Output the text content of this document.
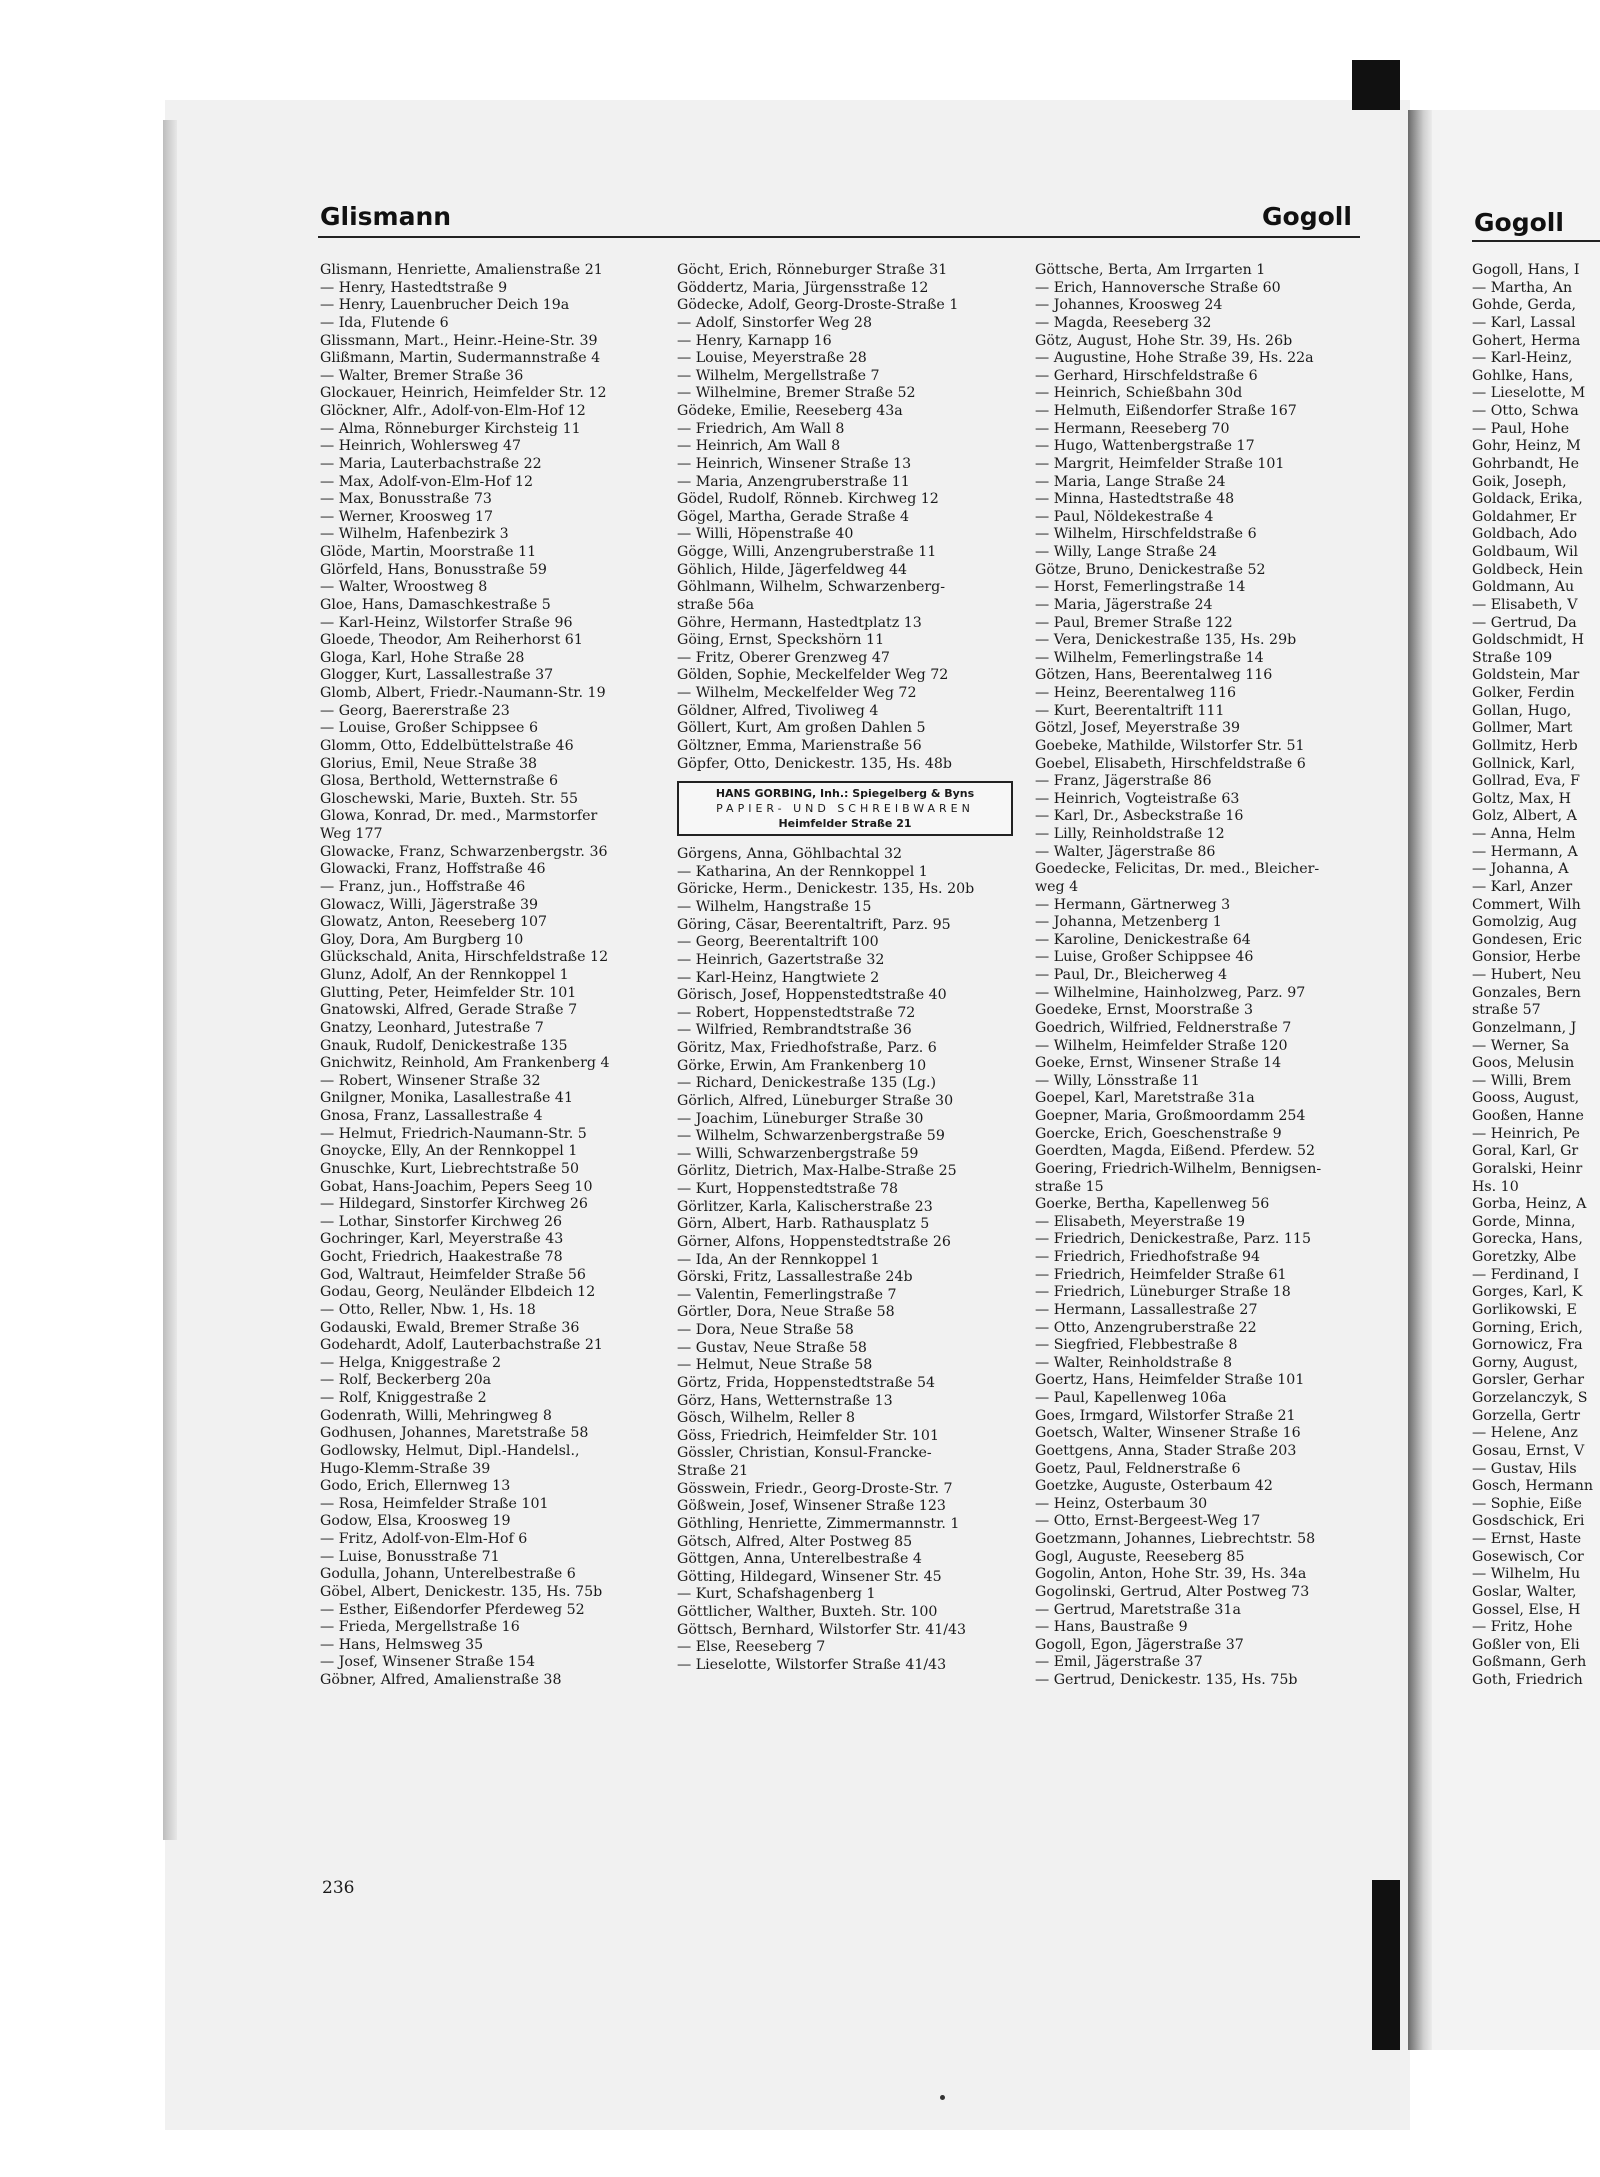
Glismann	Gogoll	Gogoll
Glismann, Henriette, Amalienstraße 21
— Henry, Hastedtstraße 9
— Henry, Lauenbrucher Deich 19a
— Ida, Flutende 6
Glissmann, Mart., Heinr.-Heine-Str. 39
Glißmann, Martin, Sudermannstraße 4
— Walter, Bremer Straße 36
Glockauer, Heinrich, Heimfelder Str. 12
Glöckner, Alfr., Adolf-von-Elm-Hof 12
— Alma, Rönneburger Kirchsteig 11
— Heinrich, Wohlersweg 47
— Maria, Lauterbachstraße 22
— Max, Adolf-von-Elm-Hof 12
— Max, Bonusstraße 73
— Werner, Kroosweg 17
— Wilhelm, Hafenbezirk 3
Glöde, Martin, Moorstraße 11
Glörfeld, Hans, Bonusstraße 59
— Walter, Wroostweg 8
Gloe, Hans, Damaschkestraße 5
— Karl-Heinz, Wilstorfer Straße 96
Gloede, Theodor, Am Reiherhorst 61
Gloga, Karl, Hohe Straße 28
Glogger, Kurt, Lassallestraße 37
Glomb, Albert, Friedr.-Naumann-Str. 19
— Georg, Baererstraße 23
— Louise, Großer Schippsee 6
Glomm, Otto, Eddelbüttelstraße 46
Glorius, Emil, Neue Straße 38
Glosa, Berthold, Wetternstraße 6
Gloschewski, Marie, Buxteh. Str. 55
Glowa, Konrad, Dr. med., Marmstorfer
Weg 177
Glowacke, Franz, Schwarzenbergstr. 36
Glowacki, Franz, Hoffstraße 46
— Franz, jun., Hoffstraße 46
Glowacz, Willi, Jägerstraße 39
Glowatz, Anton, Reeseberg 107
Gloy, Dora, Am Burgberg 10
Glückschald, Anita, Hirschfeldstraße 12
Glunz, Adolf, An der Rennkoppel 1
Glutting, Peter, Heimfelder Str. 101
Gnatowski, Alfred, Gerade Straße 7
Gnatzy, Leonhard, Jutestraße 7
Gnauk, Rudolf, Denickestraße 135
Gnichwitz, Reinhold, Am Frankenberg 4
— Robert, Winsener Straße 32
Gnilgner, Monika, Lasallestraße 41
Gnosa, Franz, Lassallestraße 4
— Helmut, Friedrich-Naumann-Str. 5
Gnoycke, Elly, An der Rennkoppel 1
Gnuschke, Kurt, Liebrechtstraße 50
Gobat, Hans-Joachim, Pepers Seeg 10
— Hildegard, Sinstorfer Kirchweg 26
— Lothar, Sinstorfer Kirchweg 26
Gochringer, Karl, Meyerstraße 43
Gocht, Friedrich, Haakestraße 78
God, Waltraut, Heimfelder Straße 56
Godau, Georg, Neuländer Elbdeich 12
— Otto, Reller, Nbw. 1, Hs. 18
Godauski, Ewald, Bremer Straße 36
Godehardt, Adolf, Lauterbachstraße 21
— Helga, Kniggestraße 2
— Rolf, Beckerberg 20a
— Rolf, Kniggestraße 2
Godenrath, Willi, Mehringweg 8
Godhusen, Johannes, Maretstraße 58
Godlowsky, Helmut, Dipl.-Handelsl.,
Hugo-Klemm-Straße 39
Godo, Erich, Ellernweg 13
— Rosa, Heimfelder Straße 101
Godow, Elsa, Kroosweg 19
— Fritz, Adolf-von-Elm-Hof 6
— Luise, Bonusstraße 71
Godulla, Johann, Unterelbestraße 6
Göbel, Albert, Denickestr. 135, Hs. 75b
— Esther, Eißendorfer Pferdeweg 52
— Frieda, Mergellstraße 16
— Hans, Helmsweg 35
— Josef, Winsener Straße 154
Göbner, Alfred, Amalienstraße 38
Göcht, Erich, Rönneburger Straße 31
Göddertz, Maria, Jürgensstraße 12
Gödecke, Adolf, Georg-Droste-Straße 1
— Adolf, Sinstorfer Weg 28
— Henry, Karnapp 16
— Louise, Meyerstraße 28
— Wilhelm, Mergellstraße 7
— Wilhelmine, Bremer Straße 52
Gödeke, Emilie, Reeseberg 43a
— Friedrich, Am Wall 8
— Heinrich, Am Wall 8
— Heinrich, Winsener Straße 13
— Maria, Anzengruberstraße 11
Gödel, Rudolf, Rönneb. Kirchweg 12
Gögel, Martha, Gerade Straße 4
— Willi, Höpenstraße 40
Gögge, Willi, Anzengruberstraße 11
Göhlich, Hilde, Jägerfeldweg 44
Göhlmann, Wilhelm, Schwarzenberg-
straße 56a
Göhre, Hermann, Hastedtplatz 13
Göing, Ernst, Speckshörn 11
— Fritz, Oberer Grenzweg 47
Gölden, Sophie, Meckelfelder Weg 72
— Wilhelm, Meckelfelder Weg 72
Göldner, Alfred, Tivoliweg 4
Göllert, Kurt, Am großen Dahlen 5
Göltzner, Emma, Marienstraße 56
Göpfer, Otto, Denickestr. 135, Hs. 48b
HANS GORBING, Inh.: Spiegelberg & Byns
PAPIER- UND SCHREIBWAREN
Heimfelder Straße 21
Görgens, Anna, Göhlbachtal 32
— Katharina, An der Rennkoppel 1
Göricke, Herm., Denickestr. 135, Hs. 20b
— Wilhelm, Hangstraße 15
Göring, Cäsar, Beerentaltrift, Parz. 95
— Georg, Beerentaltrift 100
— Heinrich, Gazertstraße 32
— Karl-Heinz, Hangtwiete 2
Görisch, Josef, Hoppenstedtstraße 40
— Robert, Hoppenstedtstraße 72
— Wilfried, Rembrandtstraße 36
Göritz, Max, Friedhofstraße, Parz. 6
Görke, Erwin, Am Frankenberg 10
— Richard, Denickestraße 135 (Lg.)
Görlich, Alfred, Lüneburger Straße 30
— Joachim, Lüneburger Straße 30
— Wilhelm, Schwarzenbergstraße 59
— Willi, Schwarzenbergstraße 59
Görlitz, Dietrich, Max-Halbe-Straße 25
— Kurt, Hoppenstedtstraße 78
Görlitzer, Karla, Kalischerstraße 23
Görn, Albert, Harb. Rathausplatz 5
Görner, Alfons, Hoppenstedtstraße 26
— Ida, An der Rennkoppel 1
Görski, Fritz, Lassallestraße 24b
— Valentin, Femerlingstraße 7
Görtler, Dora, Neue Straße 58
— Dora, Neue Straße 58
— Gustav, Neue Straße 58
— Helmut, Neue Straße 58
Görtz, Frida, Hoppenstedtstraße 54
Görz, Hans, Wetternstraße 13
Gösch, Wilhelm, Reller 8
Göss, Friedrich, Heimfelder Str. 101
Gössler, Christian, Konsul-Francke-
Straße 21
Gösswein, Friedr., Georg-Droste-Str. 7
Gößwein, Josef, Winsener Straße 123
Göthling, Henriette, Zimmermannstr. 1
Götsch, Alfred, Alter Postweg 85
Göttgen, Anna, Unterelbestraße 4
Götting, Hildegard, Winsener Str. 45
— Kurt, Schafshagenberg 1
Göttlicher, Walther, Buxteh. Str. 100
Göttsch, Bernhard, Wilstorfer Str. 41/43
— Else, Reeseberg 7
— Lieselotte, Wilstorfer Straße 41/43
Göttsche, Berta, Am Irrgarten 1
— Erich, Hannoversche Straße 60
— Johannes, Kroosweg 24
— Magda, Reeseberg 32
Götz, August, Hohe Str. 39, Hs. 26b
— Augustine, Hohe Straße 39, Hs. 22a
— Gerhard, Hirschfeldstraße 6
— Heinrich, Schießbahn 30d
— Helmuth, Eißendorfer Straße 167
— Hermann, Reeseberg 70
— Hugo, Wattenbergstraße 17
— Margrit, Heimfelder Straße 101
— Maria, Lange Straße 24
— Minna, Hastedtstraße 48
— Paul, Nöldekestraße 4
— Wilhelm, Hirschfeldstraße 6
— Willy, Lange Straße 24
Götze, Bruno, Denickestraße 52
— Horst, Femerlingstraße 14
— Maria, Jägerstraße 24
— Paul, Bremer Straße 122
— Vera, Denickestraße 135, Hs. 29b
— Wilhelm, Femerlingstraße 14
Götzen, Hans, Beerentalweg 116
— Heinz, Beerentalweg 116
— Kurt, Beerentaltrift 111
Götzl, Josef, Meyerstraße 39
Goebeke, Mathilde, Wilstorfer Str. 51
Goebel, Elisabeth, Hirschfeldstraße 6
— Franz, Jägerstraße 86
— Heinrich, Vogteistraße 63
— Karl, Dr., Asbeckstraße 16
— Lilly, Reinholdstraße 12
— Walter, Jägerstraße 86
Goedecke, Felicitas, Dr. med., Bleicher-
weg 4
— Hermann, Gärtnerweg 3
— Johanna, Metzenberg 1
— Karoline, Denickestraße 64
— Luise, Großer Schippsee 46
— Paul, Dr., Bleicherweg 4
— Wilhelmine, Hainholzweg, Parz. 97
Goedeke, Ernst, Moorstraße 3
Goedrich, Wilfried, Feldnerstraße 7
— Wilhelm, Heimfelder Straße 120
Goeke, Ernst, Winsener Straße 14
— Willy, Lönsstraße 11
Goepel, Karl, Maretstraße 31a
Goepner, Maria, Großmoordamm 254
Goercke, Erich, Goeschenstraße 9
Goerdten, Magda, Eißend. Pferdew. 52
Goering, Friedrich-Wilhelm, Bennigsen-
straße 15
Goerke, Bertha, Kapellenweg 56
— Elisabeth, Meyerstraße 19
— Friedrich, Denickestraße, Parz. 115
— Friedrich, Friedhofstraße 94
— Friedrich, Heimfelder Straße 61
— Friedrich, Lüneburger Straße 18
— Hermann, Lassallestraße 27
— Otto, Anzengruberstraße 22
— Siegfried, Flebbestraße 8
— Walter, Reinholdstraße 8
Goertz, Hans, Heimfelder Straße 101
— Paul, Kapellenweg 106a
Goes, Irmgard, Wilstorfer Straße 21
Goetsch, Walter, Winsener Straße 16
Goettgens, Anna, Stader Straße 203
Goetz, Paul, Feldnerstraße 6
Goetzke, Auguste, Osterbaum 42
— Heinz, Osterbaum 30
— Otto, Ernst-Bergeest-Weg 17
Goetzmann, Johannes, Liebrechtstr. 58
Gogl, Auguste, Reeseberg 85
Gogolin, Anton, Hohe Str. 39, Hs. 34a
Gogolinski, Gertrud, Alter Postweg 73
— Gertrud, Maretstraße 31a
— Hans, Baustraße 9
Gogoll, Egon, Jägerstraße 37
— Emil, Jägerstraße 37
— Gertrud, Denickestr. 135, Hs. 75b
Gogoll, Hans, I
— Martha, An
Gohde, Gerda,
— Karl, Lassal
Gohert, Herma
— Karl-Heinz,
Gohlke, Hans,
— Lieselotte, M
— Otto, Schwa
— Paul, Hohe
Gohr, Heinz, M
Gohrbandt, He
Goik, Joseph,
Goldack, Erika,
Goldahmer, Er
Goldbach, Ado
Goldbaum, Wil
Goldbeck, Hein
Goldmann, Au
— Elisabeth, V
— Gertrud, Da
Goldschmidt, H
Straße 109
Goldstein, Mar
Golker, Ferdin
Gollan, Hugo,
Gollmer, Mart
Gollmitz, Herb
Gollnick, Karl,
Gollrad, Eva, F
Goltz, Max, H
Golz, Albert, A
— Anna, Helm
— Hermann, A
— Johanna, A
— Karl, Anzer
Commert, Wilh
Gomolzig, Aug
Gondesen, Eric
Gonsior, Herbe
— Hubert, Neu
Gonzales, Bern
straße 57
Gonzelmann, J
— Werner, Sa
Goos, Melusin
— Willi, Brem
Gooss, August,
Gooßen, Hanne
— Heinrich, Pe
Goral, Karl, Gr
Goralski, Heinr
Hs. 10
Gorba, Heinz, A
Gorde, Minna,
Gorecka, Hans,
Goretzky, Albe
— Ferdinand, I
Gorges, Karl, K
Gorlikowski, E
Gorning, Erich,
Gornowicz, Fra
Gorny, August,
Gorsler, Gerhar
Gorzelanczyk, S
Gorzella, Gertr
— Helene, Anz
Gosau, Ernst, V
— Gustav, Hils
Gosch, Hermann
— Sophie, Eiße
Gosdschick, Eri
— Ernst, Haste
Gosewisch, Cor
— Wilhelm, Hu
Goslar, Walter,
Gossel, Else, H
— Fritz, Hohe
Goßler von, Eli
Goßmann, Gerh
Goth, Friedrich
236
